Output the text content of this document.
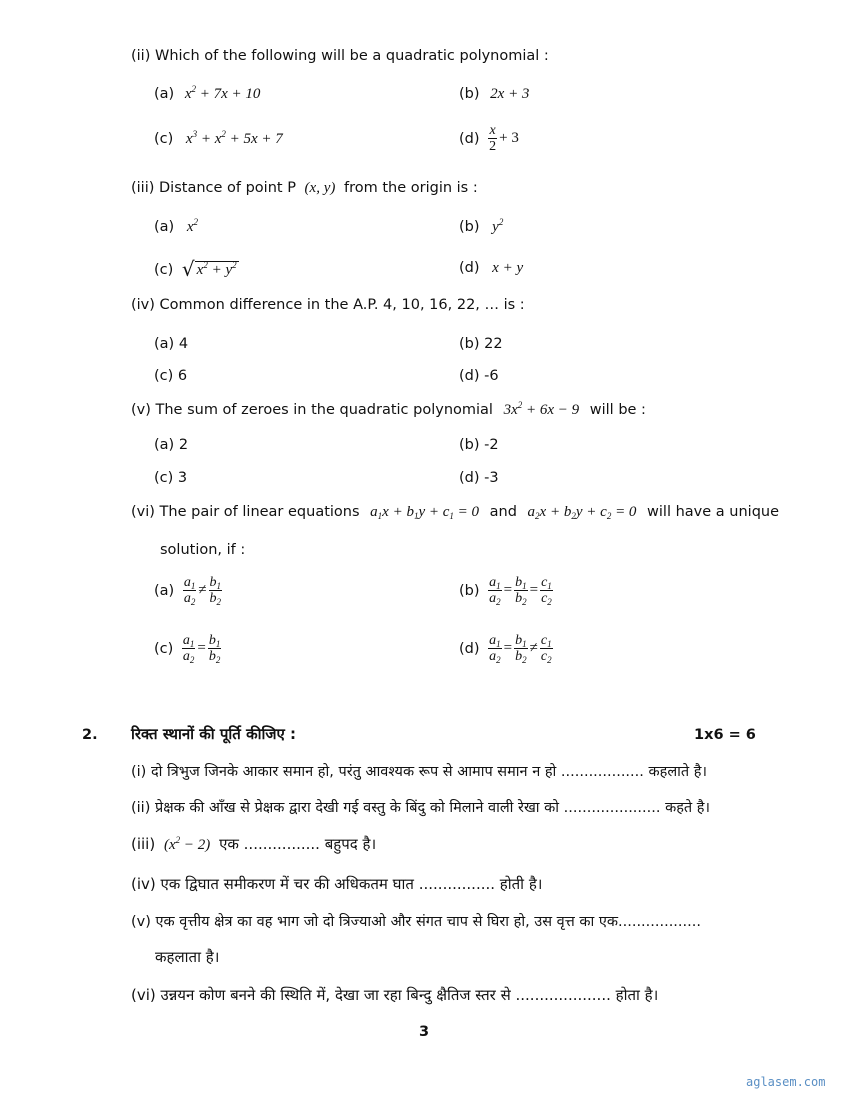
(ii) Which of the following will be a quadratic polynomial :
(a) $x^2 + 7x + 10$	(b) 2x + 3
(c) $x^3 + x^2 + 5x + 7$	$(d) \frac{x}{2} + 3$
(iii) Distance of point P (x, y) from the origin is :
(a) $x^2$	(b) $y^2$
(c) √ $x^2 + y^2$	(d) x + y
(iv) Common difference in the A.P. 4, 10, 16, 22, … is :
(a) 4	(b) 22
(c) 6	(d) -6
(v) The sum of zeroes in the quadratic polynomial $3x^2 + 6x - 9$ will be :
(a) 2	(b) -2
(c) 3	(d) -3
(vi) The pair of linear equations $a_1x + b_1y + c_1 = 0$ and $a_2x + b_2y + c_2 = 0$ will have a unique
solution, if :
$(a) \frac{a_1}{a_2} \ne \frac{b_1}{b_2}$	$(b) \frac{a_1}{a_2} = \frac{b_1}{b_2} = \frac{c_1}{c_2}$
$(c) \frac{a_1}{a_2} = \frac{b_1}{b_2}$	$(d) \frac{a_1}{a_2} = \frac{b_1}{b_2} \ne \frac{c_1}{c_2}$
2. रिक्त स्थानों की पूर्ति कीजिए :	1x6 = 6
(i) दो त्रिभुज जिनके आकार समान हो, परंतु आवश्यक रूप से आमाप समान न हो .................. कहलाते है।
(ii) प्रेक्षक की आँख से प्रेक्षक द्वारा देखी गई वस्तु के बिंदु को मिलाने वाली रेखा को ..................... कहते है।
(iii) $(x^2 - 2)$ एक ................ बहुपद है।
(iv) एक द्विघात समीकरण में चर की अधिकतम घात ................ होती है।
(v) एक वृत्तीय क्षेत्र का वह भाग जो दो त्रिज्याओ और संगत चाप से घिरा हो, उस वृत्त का एक..................
कहलाता है।
(vi) उन्नयन कोण बनने की स्थिति में, देखा जा रहा बिन्दु क्षैतिज स्तर से .................... होता है।
3
aglasem.com
